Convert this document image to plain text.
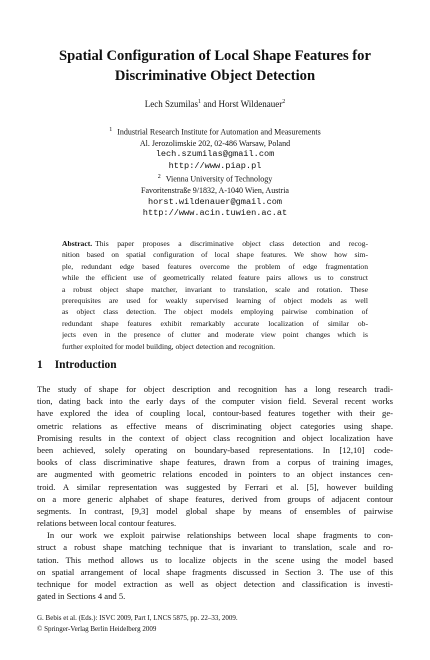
Spatial Configuration of Local Shape Features for
Discriminative Object Detection
Lech Szumilas$^1$ and Horst Wildenauer$^2$
$^1$ Industrial Research Institute for Automation and Measurements
Al. Jerozolimskie 202, 02-486 Warsaw, Poland
lech.szumilas@gmail.com
http://www.piap.pl
$^2$ Vienna University of Technology
Favoritenstraße 9/1832, A-1040 Wien, Austria
horst.wildenauer@gmail.com
http://www.acin.tuwien.ac.at
Abstract. This paper proposes a discriminative object class detection and recog-
nition based on spatial configuration of local shape features. We show how sim-
ple, redundant edge based features overcome the problem of edge fragmentation
while the efficient use of geometrically related feature pairs allows us to construct
a robust object shape matcher, invariant to translation, scale and rotation. These
prerequisites are used for weakly supervised learning of object models as well
as object class detection. The object models employing pairwise combination of
redundant shape features exhibit remarkably accurate localization of similar ob-
jects even in the presence of clutter and moderate view point changes which is
further exploited for model building, object detection and recognition.
1 Introduction
The study of shape for object description and recognition has a long research tradi-
tion, dating back into the early days of the computer vision field. Several recent works
have explored the idea of coupling local, contour-based features together with their ge-
ometric relations as effective means of discriminating object categories using shape.
Promising results in the context of object class recognition and object localization have
been achieved, solely operating on boundary-based representations. In [12,10] code-
books of class discriminative shape features, drawn from a corpus of training images,
are augmented with geometric relations encoded in pointers to an object instances cen-
troid. A similar representation was suggested by Ferrari et al. [5], however building
on a more generic alphabet of shape features, derived from groups of adjacent contour
segments. In contrast, [9,3] model global shape by means of ensembles of pairwise
relations between local contour features.
In our work we exploit pairwise relationships between local shape fragments to con-
struct a robust shape matching technique that is invariant to translation, scale and ro-
tation. This method allows us to localize objects in the scene using the model based
on spatial arrangement of local shape fragments discussed in Section 3. The use of this
technique for model extraction as well as object detection and classification is investi-
gated in Sections 4 and 5.
G. Bebis et al. (Eds.): ISVC 2009, Part I, LNCS 5875, pp. 22–33, 2009.
© Springer-Verlag Berlin Heidelberg 2009
